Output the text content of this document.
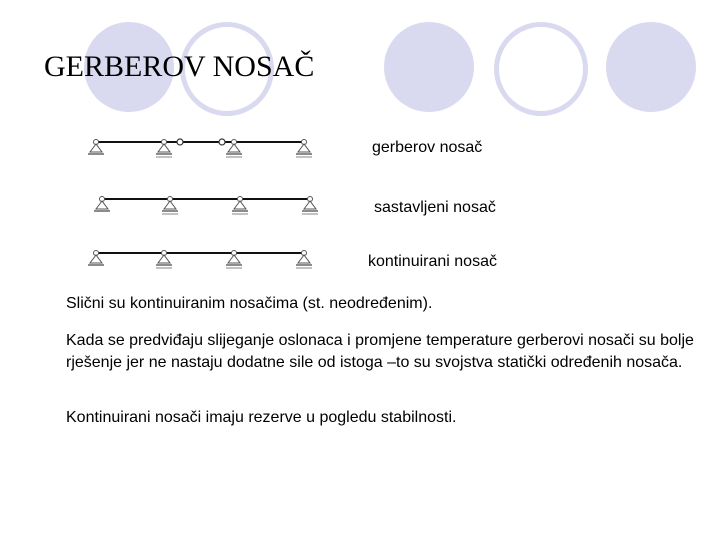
GERBEROV NOSAČ
gerberov nosač
sastavljeni nosač
kontinuirani nosač
Slični su kontinuiranim nosačima (st. neodređenim).
Kada se predviđaju slijeganje oslonaca i promjene temperature gerberovi nosači su bolje rješenje jer ne nastaju dodatne sile od istoga –to su svojstva statički određenih nosača.
Kontinuirani nosači imaju rezerve u pogledu stabilnosti.
